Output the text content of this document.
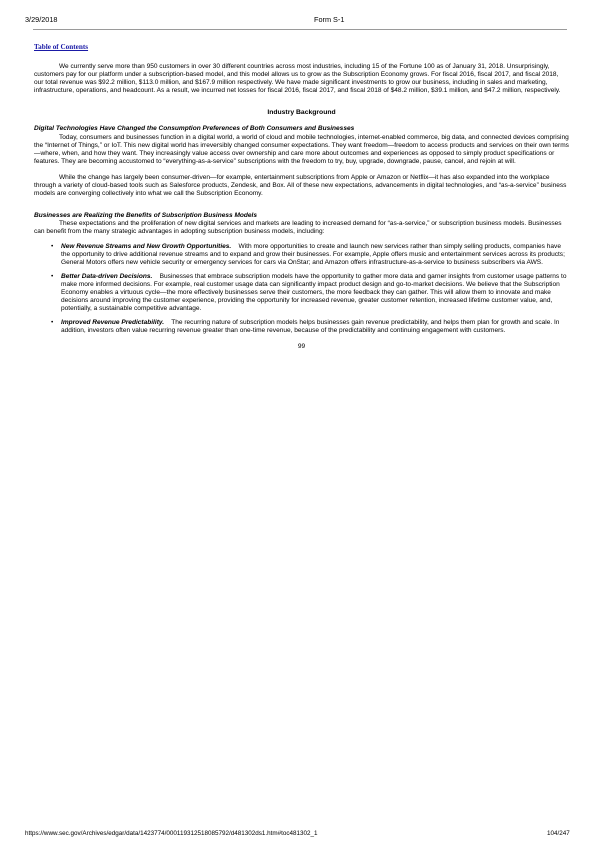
3/29/2018	Form S-1
Table of Contents

We currently serve more than 950 customers in over 30 different countries across most industries, including 15 of the Fortune 100 as of January 31, 2018. Unsurprisingly, customers pay for our platform under a subscription-based model, and this model allows us to grow as the Subscription Economy grows. For fiscal 2016, fiscal 2017, and fiscal 2018, our total revenue was $92.2 million, $113.0 million, and $167.9 million respectively. We have made significant investments to grow our business, including in sales and marketing, infrastructure, operations, and headcount. As a result, we incurred net losses for fiscal 2016, fiscal 2017, and fiscal 2018 of $48.2 million, $39.1 million, and $47.2 million, respectively.

Industry Background

Digital Technologies Have Changed the Consumption Preferences of Both Consumers and Businesses

Today, consumers and businesses function in a digital world, a world of cloud and mobile technologies, internet-enabled commerce, big data, and connected devices comprising the “Internet of Things,” or IoT. This new digital world has irreversibly changed consumer expectations. They want freedom—freedom to access products and services on their own terms—where, when, and how they want. They increasingly value access over ownership and care more about outcomes and experiences as opposed to simply product specifications or features. They are becoming accustomed to “everything-as-a-service” subscriptions with the freedom to try, buy, upgrade, downgrade, pause, cancel, and rejoin at will.

While the change has largely been consumer-driven—for example, entertainment subscriptions from Apple or Amazon or Netflix—it has also expanded into the workplace through a variety of cloud-based tools such as Salesforce products, Zendesk, and Box. All of these new expectations, advancements in digital technologies, and “as-a-service” business models are converging collectively into what we call the Subscription Economy.

Businesses are Realizing the Benefits of Subscription Business Models

These expectations and the proliferation of new digital services and markets are leading to increased demand for “as-a-service,” or subscription business models. Businesses can benefit from the many strategic advantages in adopting subscription business models, including:

• New Revenue Streams and New Growth Opportunities. With more opportunities to create and launch new services rather than simply selling products, companies have the opportunity to drive additional revenue streams and to expand and grow their businesses. For example, Apple offers music and entertainment services across its products; General Motors offers new vehicle security or emergency services for cars via OnStar; and Amazon offers infrastructure-as-a-service to business subscribers via AWS.
• Better Data-driven Decisions. Businesses that embrace subscription models have the opportunity to gather more data and garner insights from customer usage patterns to make more informed decisions. For example, real customer usage data can significantly impact product design and go-to-market decisions. We believe that the Subscription Economy enables a virtuous cycle—the more effectively businesses serve their customers, the more feedback they can gather. This will allow them to innovate and make decisions around improving the customer experience, providing the opportunity for increased revenue, greater customer retention, increased lifetime customer value, and, potentially, a sustainable competitive advantage.
• Improved Revenue Predictability. The recurring nature of subscription models helps businesses gain revenue predictability, and helps them plan for growth and scale. In addition, investors often value recurring revenue greater than one-time revenue, because of the predictability and continuing engagement with customers.

99

https://www.sec.gov/Archives/edgar/data/1423774/000119312518085792/d481302ds1.htm#toc481302_1	104/247
